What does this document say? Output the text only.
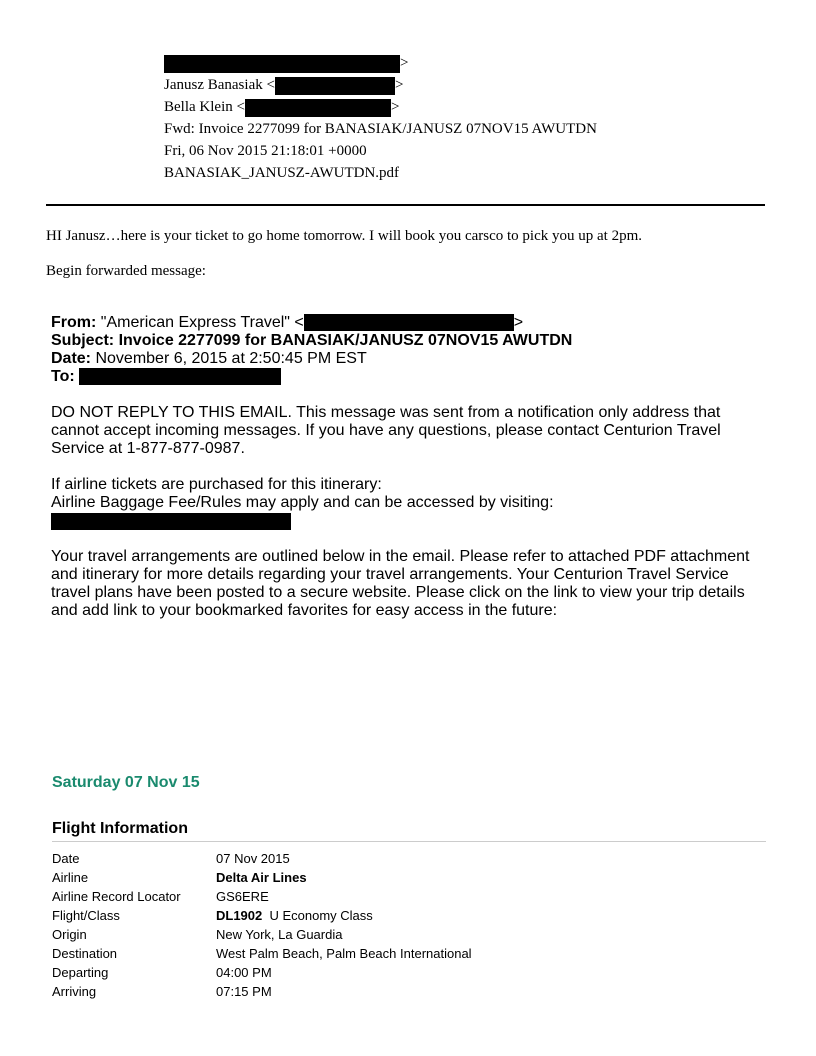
>
Janusz Banasiak <	>
Bella Klein <	>
Fwd: Invoice 2277099 for BANASIAK/JANUSZ 07NOV15 AWUTDN
Fri, 06 Nov 2015 21:18:01 +0000
BANASIAK_JANUSZ-AWUTDN.pdf
HI Janusz…here is your ticket to go home tomorrow. I will book you carsco to pick you up at 2pm.
Begin forwarded message:
From: "American Express Travel" <	>
Subject: Invoice 2277099 for BANASIAK/JANUSZ 07NOV15 AWUTDN
Date: November 6, 2015 at 2:50:45 PM EST
To:
DO NOT REPLY TO THIS EMAIL. This message was sent from a notification only address that cannot accept incoming messages. If you have any questions, please contact Centurion Travel Service at 1-877-877-0987.
If airline tickets are purchased for this itinerary:
Airline Baggage Fee/Rules may apply and can be accessed by visiting:
Your travel arrangements are outlined below in the email. Please refer to attached PDF attachment and itinerary for more details regarding your travel arrangements. Your Centurion Travel Service travel plans have been posted to a secure website. Please click on the link to view your trip details and add link to your bookmarked favorites for easy access in the future:
Saturday 07 Nov 15
Flight Information
Date	07 Nov 2015
Airline	Delta Air Lines
Airline Record Locator	GS6ERE
Flight/Class	DL1902  U Economy Class
Origin	New York, La Guardia
Destination	West Palm Beach, Palm Beach International
Departing	04:00 PM
Arriving	07:15 PM
